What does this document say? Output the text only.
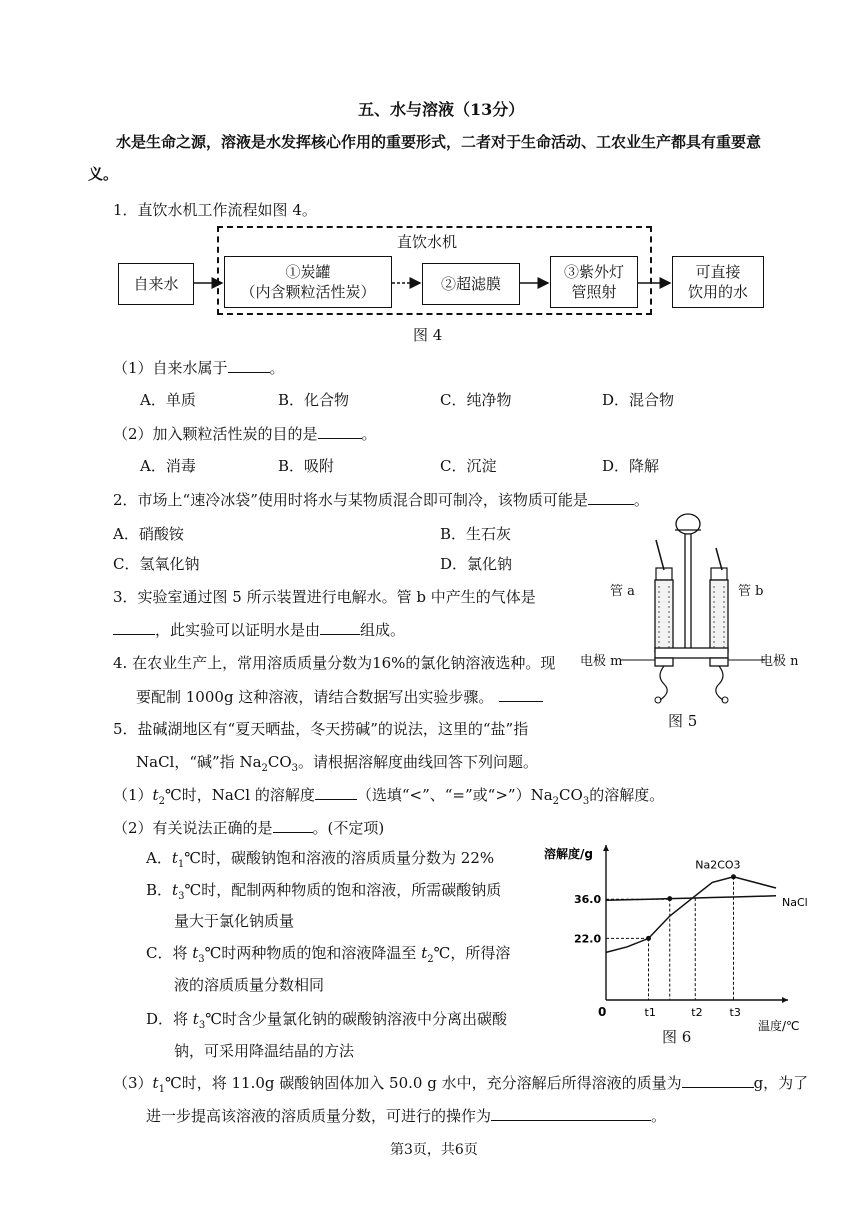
五、水与溶液（13分）
水是生命之源，溶液是水发挥核心作用的重要形式，二者对于生命活动、工农业生产都具有重要意
义。
1．直饮水机工作流程如图 4。
直饮水机
自来水
①炭罐
（内含颗粒活性炭）	②超滤膜
③紫外灯
管照射
可直接
饮用的水
图 4
（1）自来水属于	。
A．单质	B．化合物	C．纯净物	D．混合物
（2）加入颗粒活性炭的目的是	。
A．消毒	B．吸附	C．沉淀	D．降解
2．市场上“速冷冰袋”使用时将水与某物质混合即可制冷，该物质可能是	。
A．硝酸铵	B．生石灰
C．氢氧化钠	D．氯化钠
3．实验室通过图 5 所示装置进行电解水。管 b 中产生的气体是
，此实验可以证明水是由	组成。
4. 在农业生产上，常用溶质质量分数为16%的氯化钠溶液选种。现
要配制 1000g 这种溶液，请结合数据写出实验步骤。
管 a	管 b
电极 m	电极 n
图 5
5．盐碱湖地区有“夏天晒盐，冬天捞碱”的说法，这里的“盐”指
NaCl，“碱”指 $Na_2CO_3$。请根据溶解度曲线回答下列问题。
$(1)t_2℃$时，NaCl 的溶解度	（选填“<”、“=”或“$>”)Na_2CO_3$的溶解度。
（2）有关说法正确的是	。(不定项)
A．$t_1℃$时，碳酸钠饱和溶液的溶质质量分数为 22%
B．$t_3℃$时，配制两种物质的饱和溶液，所需碳酸钠质
量大于氯化钠质量
C．将 $t_3℃$时两种物质的饱和溶液降温至 $t_2℃$，所得溶
液的溶质质量分数相同
D．将 $t_3℃$时含少量氯化钠的碳酸钠溶液中分离出碳酸
钠，可采用降温结晶的方法
溶解度/g
温度/℃
0
22.0
36.0
t1	t2 t3
Na2CO3
NaCl
图 6
$(3)t_1℃$时，将 11.0g 碳酸钠固体加入 50.0 g 水中，充分溶解后所得溶液的质量为	g，为了
进一步提高该溶液的溶质质量分数，可进行的操作为	。
第3页，共6页
